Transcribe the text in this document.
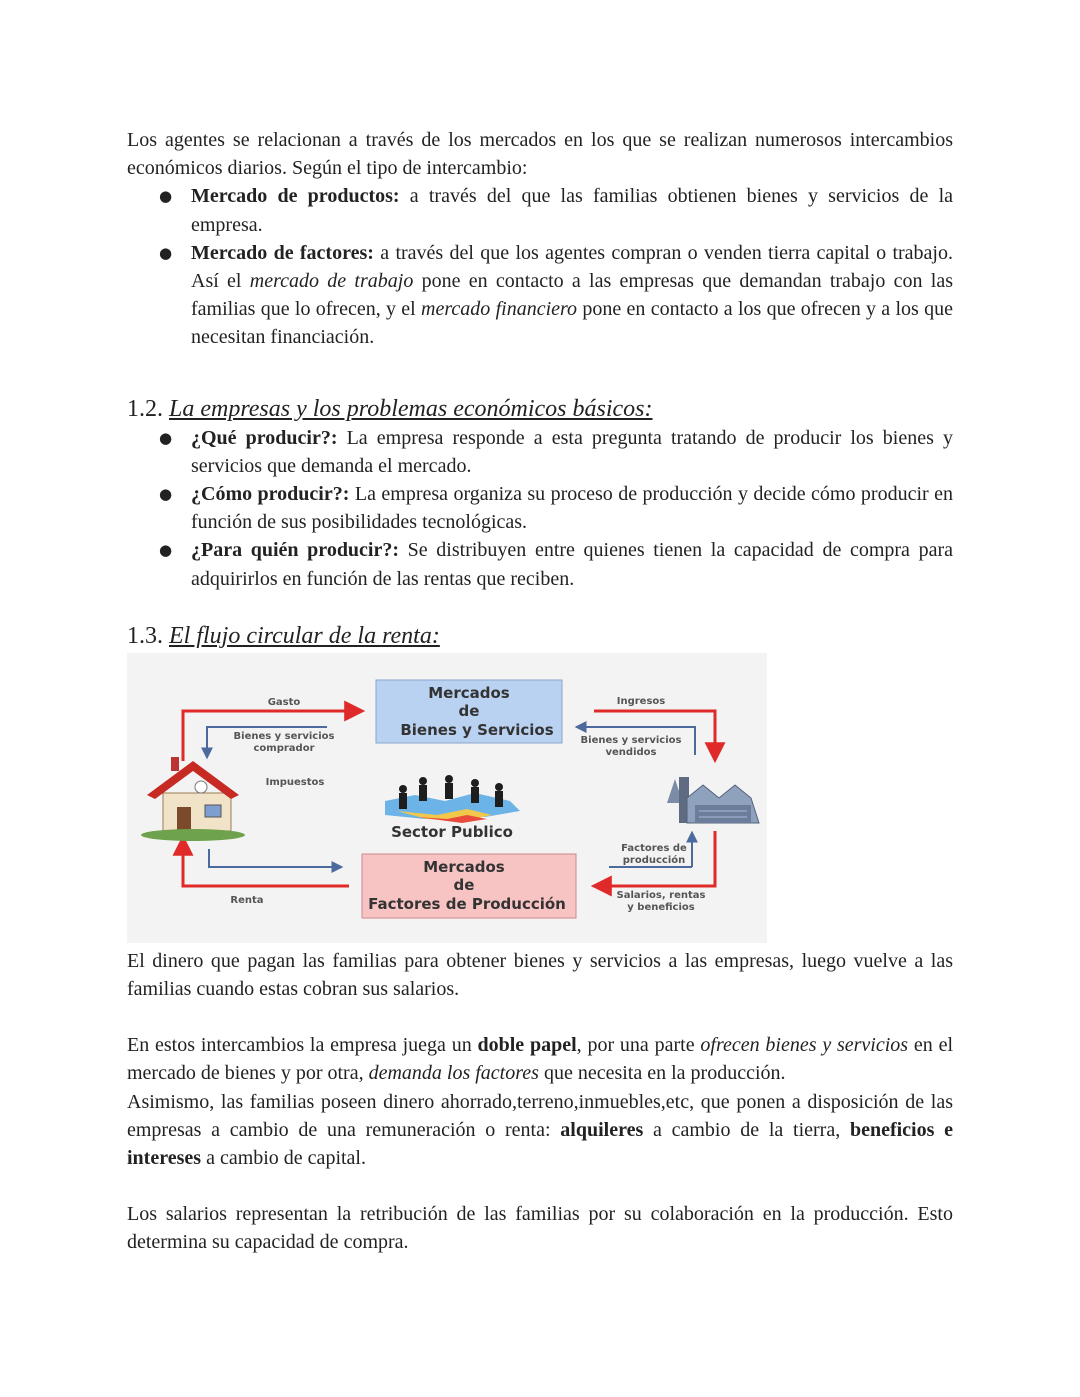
Los agentes se relacionan a través de los mercados en los que se realizan numerosos intercambios económicos diarios. Según el tipo de intercambio:

● Mercado de productos: a través del que las familias obtienen bienes y servicios de la empresa.
● Mercado de factores: a través del que los agentes compran o venden tierra capital o trabajo. Así el mercado de trabajo pone en contacto a las empresas que demandan trabajo con las familias que lo ofrecen, y el mercado financiero pone en contacto a los que ofrecen y a los que necesitan financiación.
1.2. La empresas y los problemas económicos básicos:
● ¿Qué producir?: La empresa responde a esta pregunta tratando de producir los bienes y servicios que demanda el mercado.
● ¿Cómo producir?: La empresa organiza su proceso de producción y decide cómo producir en función de sus posibilidades tecnológicas.
● ¿Para quién producir?: Se distribuyen entre quienes tienen la capacidad de compra para adquirirlos en función de las rentas que reciben.
1.3. El flujo circular de la renta:
Mercados
de
Bienes y Servicios
Mercados
de
Factores de Producción
Gasto
Bienes y servicios
comprador
Impuestos
Renta
Ingresos
Bienes y servicios
vendidos
Factores de
producción
Salarios, rentas
y beneficios
Sector Publico

El dinero que pagan las familias para obtener bienes y servicios a las empresas, luego vuelve a las familias cuando estas cobran sus salarios.

En estos intercambios la empresa juega un doble papel, por una parte ofrecen bienes y servicios en el mercado de bienes y por otra, demanda los factores que necesita en la producción.

Asimismo, las familias poseen dinero ahorrado,terreno,inmuebles,etc, que ponen a disposición de las empresas a cambio de una remuneración o renta: alquileres a cambio de la tierra, beneficios e intereses a cambio de capital.

Los salarios representan la retribución de las familias por su colaboración en la producción. Esto determina su capacidad de compra.
